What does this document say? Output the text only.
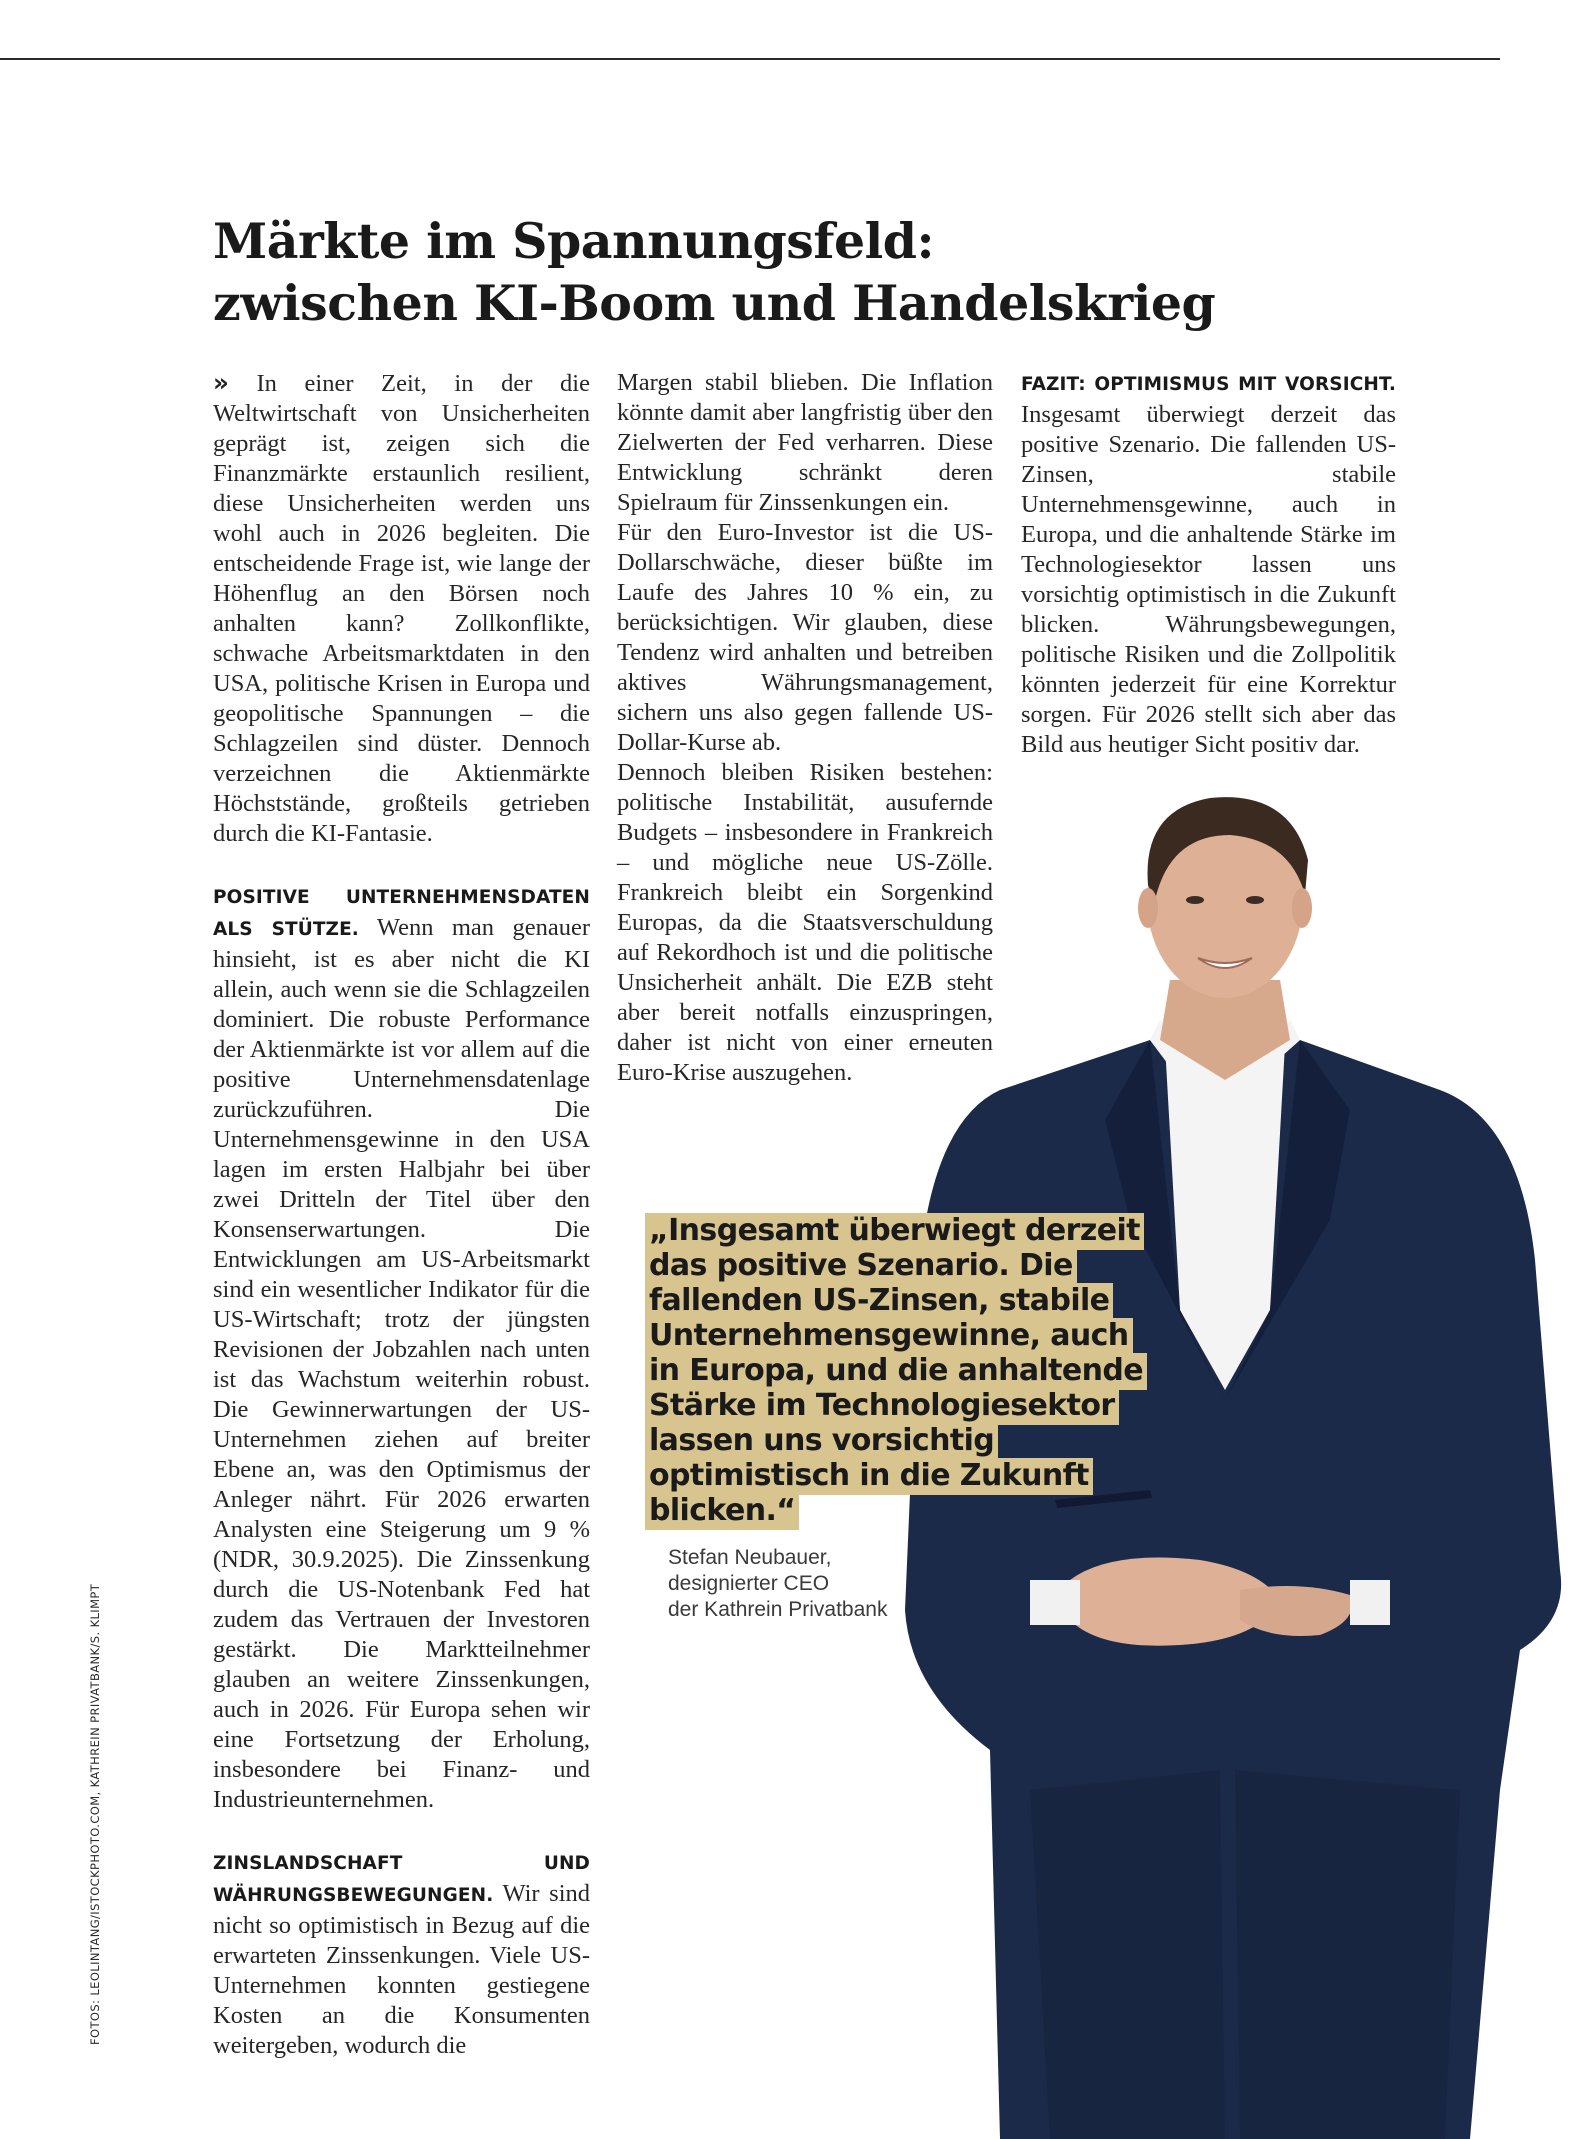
Märkte im Spannungsfeld:
zwischen KI-Boom und Handelskrieg

» In einer Zeit, in der die Weltwirtschaft von Unsicherheiten geprägt ist, zeigen sich die Finanzmärkte erstaunlich resilient, diese Unsicherheiten werden uns wohl auch in 2026 begleiten. Die entscheidende Frage ist, wie lange der Höhenflug an den Börsen noch anhalten kann? Zollkonflikte, schwache Arbeitsmarktdaten in den USA, politische Krisen in Europa und geopolitische Spannungen – die Schlagzeilen sind düster. Dennoch verzeichnen die Aktienmärkte Höchststände, großteils getrieben durch die KI-Fantasie.

POSITIVE UNTERNEHMENSDATEN ALS STÜTZE. Wenn man genauer hinsieht, ist es aber nicht die KI allein, auch wenn sie die Schlagzeilen dominiert. Die robuste Performance der Aktienmärkte ist vor allem auf die positive Unternehmensdatenlage zurückzuführen. Die Unternehmensgewinne in den USA lagen im ersten Halbjahr bei über zwei Dritteln der Titel über den Konsenserwartungen. Die Entwicklungen am US-Arbeitsmarkt sind ein wesentlicher Indikator für die US-Wirtschaft; trotz der jüngsten Revisionen der Jobzahlen nach unten ist das Wachstum weiterhin robust. Die Gewinnerwartungen der US-Unternehmen ziehen auf breiter Ebene an, was den Optimismus der Anleger nährt. Für 2026 erwarten Analysten eine Steigerung um 9 % (NDR, 30.9.2025). Die Zinssenkung durch die US-Notenbank Fed hat zudem das Vertrauen der Investoren gestärkt. Die Marktteilnehmer glauben an weitere Zinssenkungen, auch in 2026. Für Europa sehen wir eine Fortsetzung der Erholung, insbesondere bei Finanz- und Industrieunternehmen.

ZINSLANDSCHAFT UND WÄHRUNGSBEWEGUNGEN. Wir sind nicht so optimistisch in Bezug auf die erwarteten Zinssenkungen. Viele US-Unternehmen konnten gestiegene Kosten an die Konsumenten weitergeben, wodurch die

Margen stabil blieben. Die Inflation könnte damit aber langfristig über den Zielwerten der Fed verharren. Diese Entwicklung schränkt deren Spielraum für Zinssenkungen ein.

Für den Euro-Investor ist die US-Dollarschwäche, dieser büßte im Laufe des Jahres 10 % ein, zu berücksichtigen. Wir glauben, diese Tendenz wird anhalten und betreiben aktives Währungsmanagement, sichern uns also gegen fallende US-Dollar-Kurse ab.

Dennoch bleiben Risiken bestehen: politische Instabilität, ausufernde Budgets – insbesondere in Frankreich – und mögliche neue US-Zölle. Frankreich bleibt ein Sorgenkind Europas, da die Staatsverschuldung auf Rekordhoch ist und die politische Unsicherheit anhält. Die EZB steht aber bereit notfalls einzuspringen, daher ist nicht von einer erneuten Euro-Krise auszugehen.

FAZIT: OPTIMISMUS MIT VORSICHT. Insgesamt überwiegt derzeit das positive Szenario. Die fallenden US-Zinsen, stabile Unternehmensgewinne, auch in Europa, und die anhaltende Stärke im Technologiesektor lassen uns vorsichtig optimistisch in die Zukunft blicken. Währungsbewegungen, politische Risiken und die Zollpolitik könnten jederzeit für eine Korrektur sorgen. Für 2026 stellt sich aber das Bild aus heutiger Sicht positiv dar.

„Insgesamt überwiegt derzeit das positive Szenario. Die fallenden US-Zinsen, stabile Unternehmensgewinne, auch in Europa, und die anhaltende Stärke im Technologiesektor lassen uns vorsichtig optimistisch in die Zukunft blicken.“
Stefan Neubauer,
designierter CEO
der Kathrein Privatbank
FOTOS: LEOLINTANG/ISTOCKPHOTO.COM, KATHREIN PRIVATBANK/S. KLIMPT
